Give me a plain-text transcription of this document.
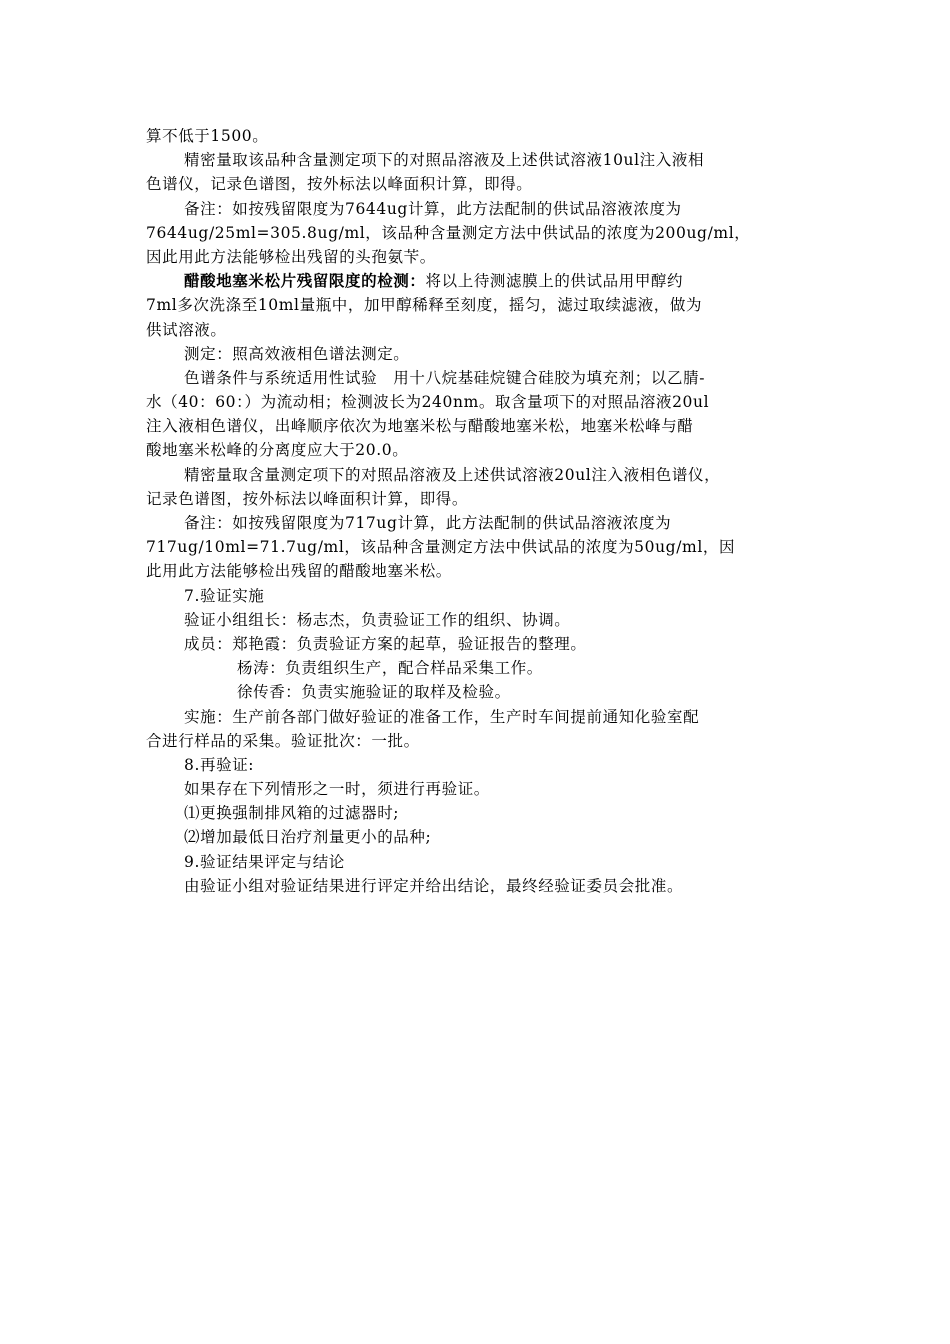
算不低于1500。
精密量取该品种含量测定项下的对照品溶液及上述供试溶液10ul注入液相
色谱仪，记录色谱图，按外标法以峰面积计算，即得。
备注：如按残留限度为7644ug计算，此方法配制的供试品溶液浓度为
7644ug/25ml=305.8ug/ml，该品种含量测定方法中供试品的浓度为200ug/ml，
因此用此方法能够检出残留的头孢氨苄。
醋酸地塞米松片残留限度的检测：将以上待测滤膜上的供试品用甲醇约
7ml多次洗涤至10ml量瓶中，加甲醇稀释至刻度，摇匀，滤过取续滤液，做为
供试溶液。
测定：照高效液相色谱法测定。
色谱条件与系统适用性试验　用十八烷基硅烷键合硅胶为填充剂；以乙腈-
水（40：60：）为流动相；检测波长为240nm。取含量项下的对照品溶液20ul
注入液相色谱仪，出峰顺序依次为地塞米松与醋酸地塞米松，地塞米松峰与醋
酸地塞米松峰的分离度应大于20.0。
精密量取含量测定项下的对照品溶液及上述供试溶液20ul注入液相色谱仪，
记录色谱图，按外标法以峰面积计算，即得。
备注：如按残留限度为717ug计算，此方法配制的供试品溶液浓度为
717ug/10ml=71.7ug/ml，该品种含量测定方法中供试品的浓度为50ug/ml，因
此用此方法能够检出残留的醋酸地塞米松。
7.验证实施
验证小组组长：杨志杰，负责验证工作的组织、协调。
成员：郑艳霞：负责验证方案的起草，验证报告的整理。
杨涛：负责组织生产，配合样品采集工作。
徐传香：负责实施验证的取样及检验。
实施：生产前各部门做好验证的准备工作，生产时车间提前通知化验室配
合进行样品的采集。验证批次：一批。
8.再验证:
如果存在下列情形之一时，须进行再验证。
⑴更换强制排风箱的过滤器时;
⑵增加最低日治疗剂量更小的品种;
9.验证结果评定与结论
由验证小组对验证结果进行评定并给出结论，最终经验证委员会批准。
